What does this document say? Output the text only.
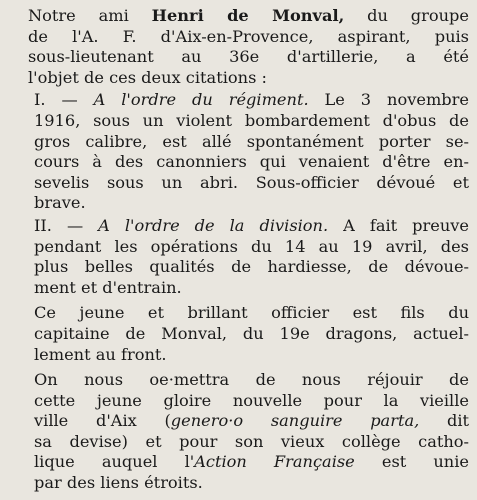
Notre ami Henri de Monval, du groupe
de l'A. F. d'Aix-en-Provence, aspirant, puis
sous-lieutenant au 36e d'artillerie, a été
l'objet de ces deux citations :

I. — A l'ordre du régiment. Le 3 novembre
1916, sous un violent bombardement d'obus de
gros calibre, est allé spontanément porter se-
cours à des canonniers qui venaient d'être en-
sevelis sous un abri. Sous-officier dévoué et
brave.

II. — A l'ordre de la division. A fait preuve
pendant les opérations du 14 au 19 avril, des
plus belles qualités de hardiesse, de dévoue-
ment et d'entrain.

Ce jeune et brillant officier est fils du
capitaine de Monval, du 19e dragons, actuel-
lement au front.

On nous oe·mettra de nous réjouir de
cette jeune gloire nouvelle pour la vieille
ville d'Aix (genero·o sanguire parta, dit
sa devise) et pour son vieux collège catho-
lique auquel l'Action Française est unie
par des liens étroits.
